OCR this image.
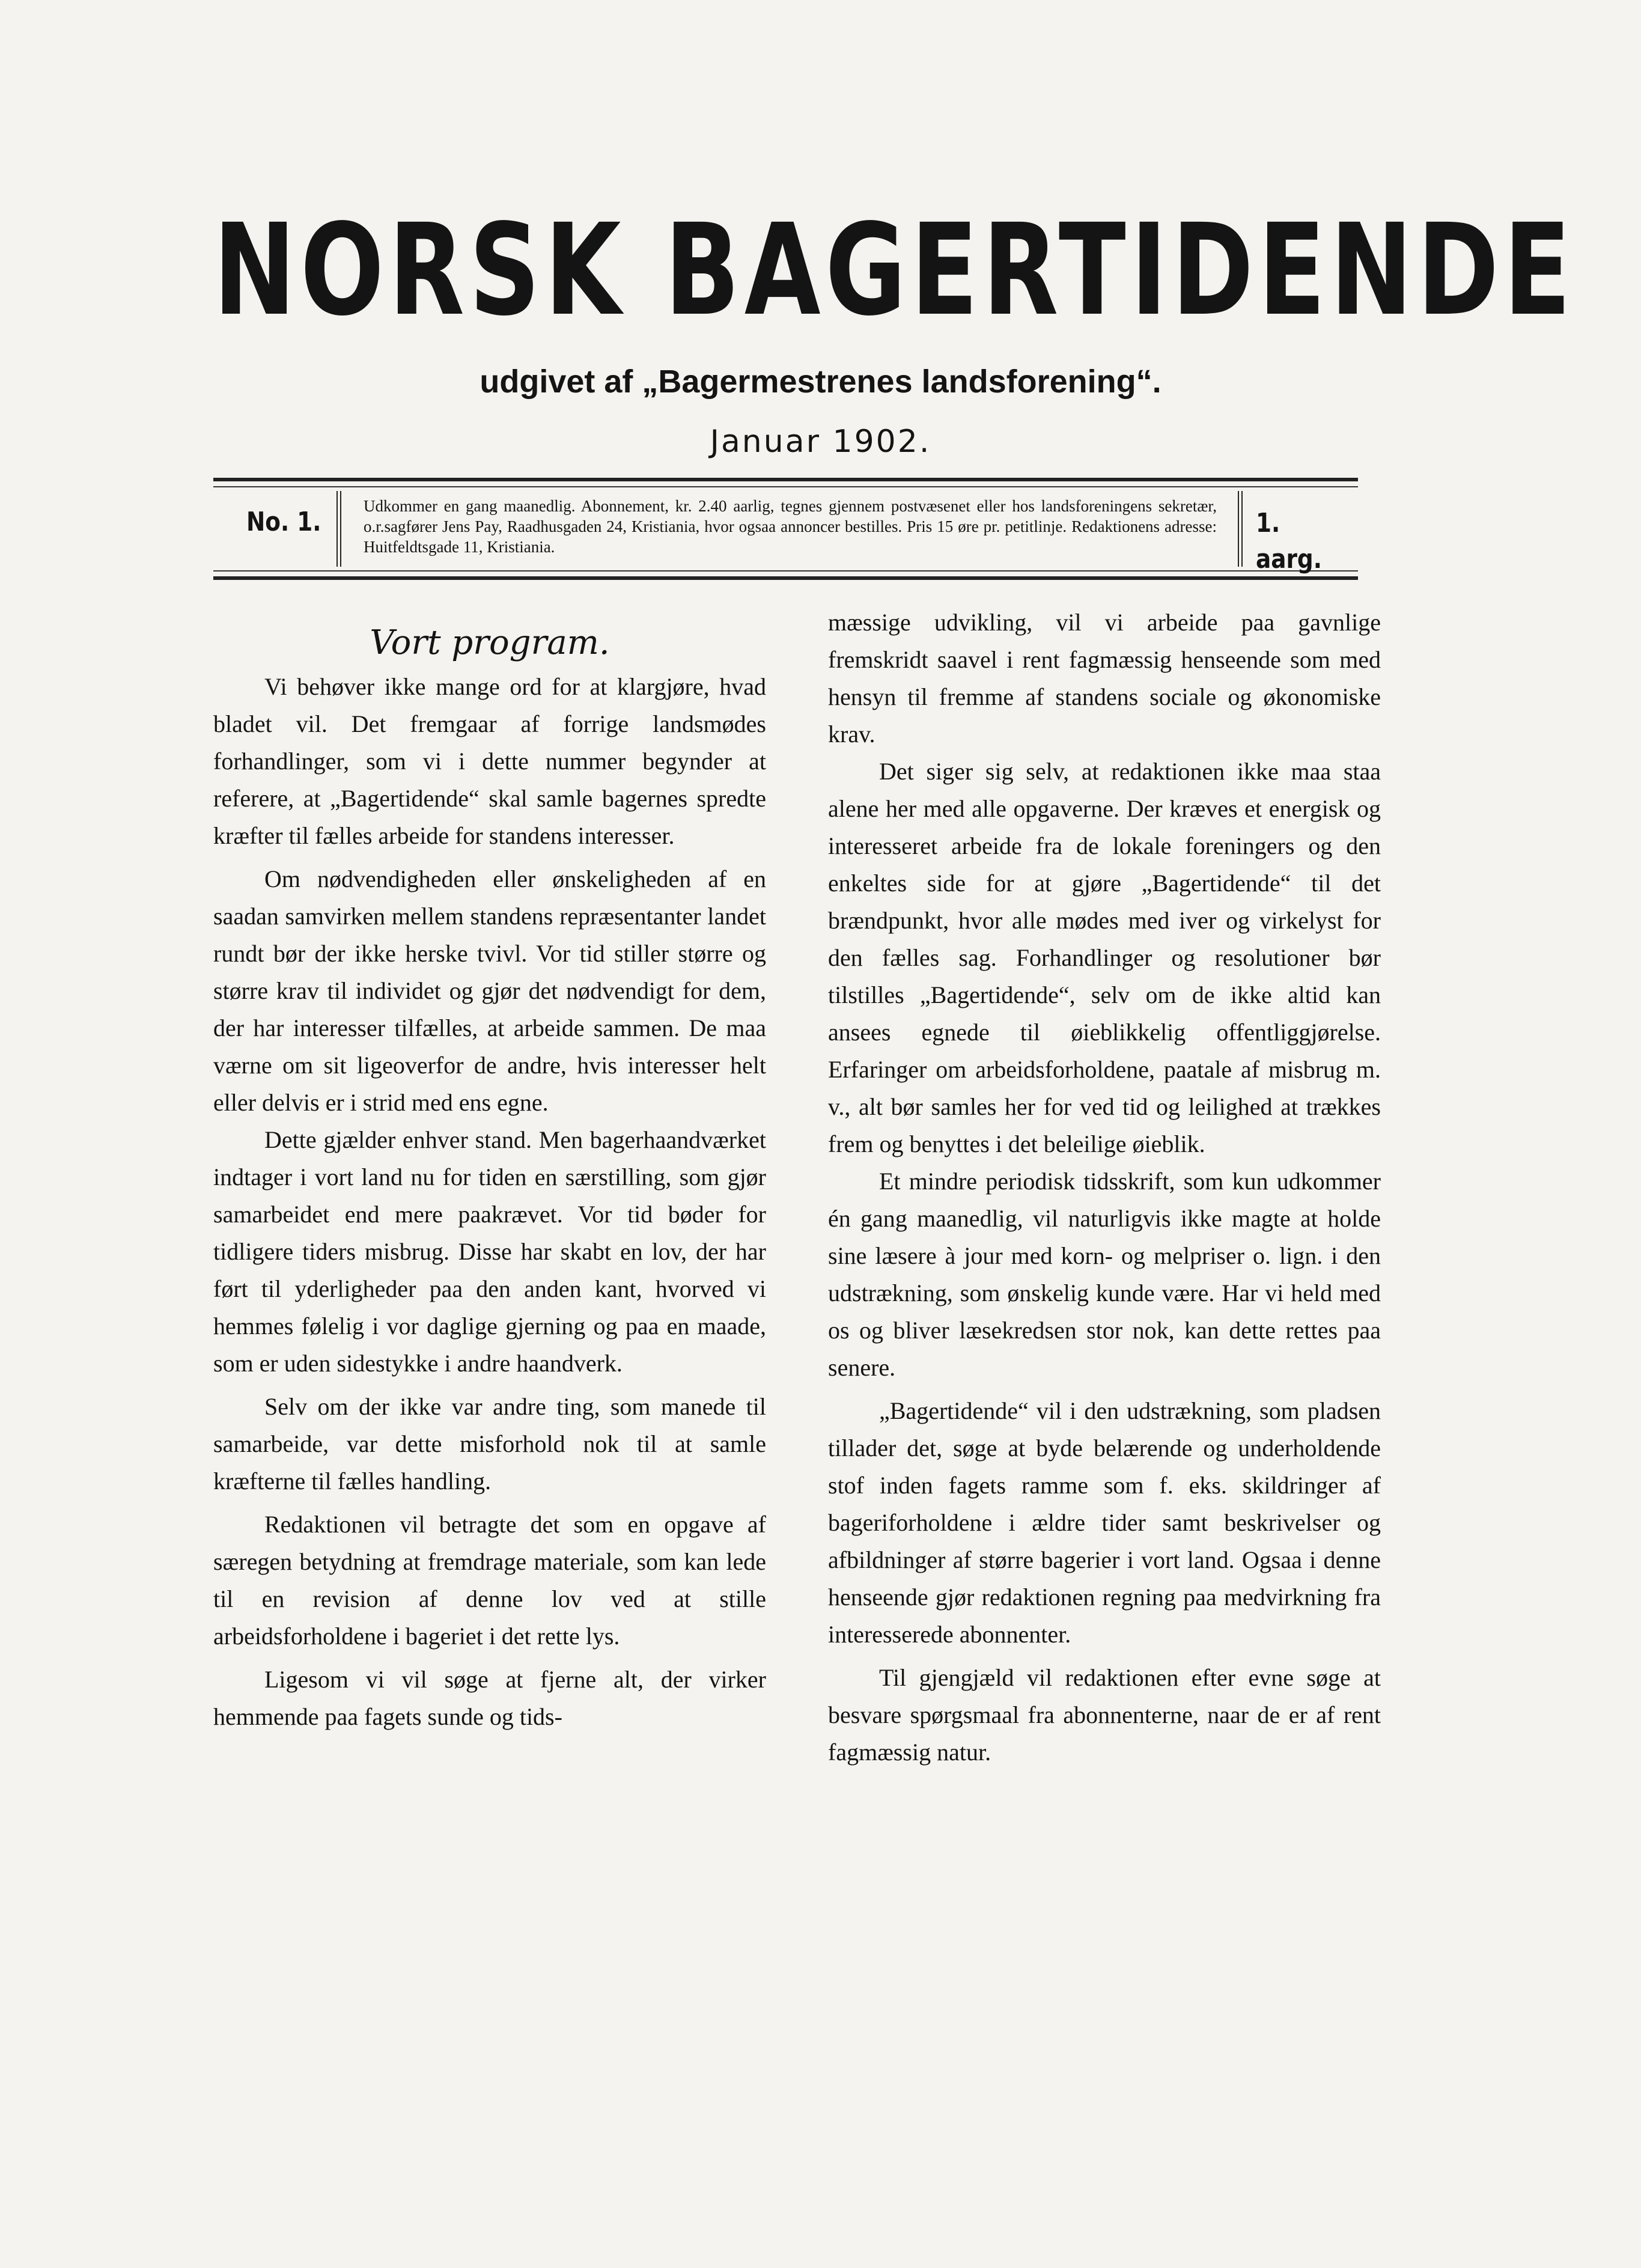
NORSK BAGERTIDENDE
udgivet af „Bagermestrenes landsforening“.
Januar 1902.
No. 1.
Udkommer en gang maanedlig. Abonnement, kr. 2.40 aarlig, tegnes gjennem postvæsenet eller hos landsforeningens sekretær, o.r.sagfører Jens Pay, Raadhusgaden 24, Kristiania, hvor ogsaa annoncer bestilles. Pris 15 øre pr. petitlinje. Redaktionens adresse: Huitfeldtsgade 11, Kristiania.
1. aarg.

Vort program.

Vi behøver ikke mange ord for at klargjøre, hvad bladet vil. Det fremgaar af forrige landsmødes forhandlinger, som vi i dette nummer begynder at referere, at „Bagertidende“ skal samle bagernes spredte kræfter til fælles arbeide for standens interesser.

Om nødvendigheden eller ønskeligheden af en saadan samvirken mellem standens repræsentanter landet rundt bør der ikke herske tvivl. Vor tid stiller større og større krav til individet og gjør det nødvendigt for dem, der har interesser tilfælles, at arbeide sammen. De maa værne om sit ligeoverfor de andre, hvis interesser helt eller delvis er i strid med ens egne.

Dette gjælder enhver stand. Men bagerhaandværket indtager i vort land nu for tiden en særstilling, som gjør samarbeidet end mere paakrævet. Vor tid bøder for tidligere tiders misbrug. Disse har skabt en lov, der har ført til yderligheder paa den anden kant, hvorved vi hemmes følelig i vor daglige gjerning og paa en maade, som er uden sidestykke i andre haandverk.

Selv om der ikke var andre ting, som manede til samarbeide, var dette misforhold nok til at samle kræfterne til fælles handling.

Redaktionen vil betragte det som en opgave af særegen betydning at fremdrage materiale, som kan lede til en revision af denne lov ved at stille arbeidsforholdene i bageriet i det rette lys.

Ligesom vi vil søge at fjerne alt, der virker hemmende paa fagets sunde og tids-

mæssige udvikling, vil vi arbeide paa gavnlige fremskridt saavel i rent fagmæssig henseende som med hensyn til fremme af standens sociale og økonomiske krav.

Det siger sig selv, at redaktionen ikke maa staa alene her med alle opgaverne. Der kræves et energisk og interesseret arbeide fra de lokale foreningers og den enkeltes side for at gjøre „Bagertidende“ til det brændpunkt, hvor alle mødes med iver og virkelyst for den fælles sag. Forhandlinger og resolutioner bør tilstilles „Bagertidende“, selv om de ikke altid kan ansees egnede til øieblikkelig offentliggjørelse. Erfaringer om arbeidsforholdene, paatale af misbrug m. v., alt bør samles her for ved tid og leilighed at trækkes frem og benyttes i det beleilige øieblik.

Et mindre periodisk tidsskrift, som kun udkommer én gang maanedlig, vil naturligvis ikke magte at holde sine læsere à jour med korn- og melpriser o. lign. i den udstrækning, som ønskelig kunde være. Har vi held med os og bliver læsekredsen stor nok, kan dette rettes paa senere.

„Bagertidende“ vil i den udstrækning, som pladsen tillader det, søge at byde belærende og underholdende stof inden fagets ramme som f. eks. skildringer af bageriforholdene i ældre tider samt beskrivelser og afbildninger af større bagerier i vort land. Ogsaa i denne henseende gjør redaktionen regning paa medvirkning fra interesserede abonnenter.

Til gjengjæld vil redaktionen efter evne søge at besvare spørgsmaal fra abonnenterne, naar de er af rent fagmæssig natur.
